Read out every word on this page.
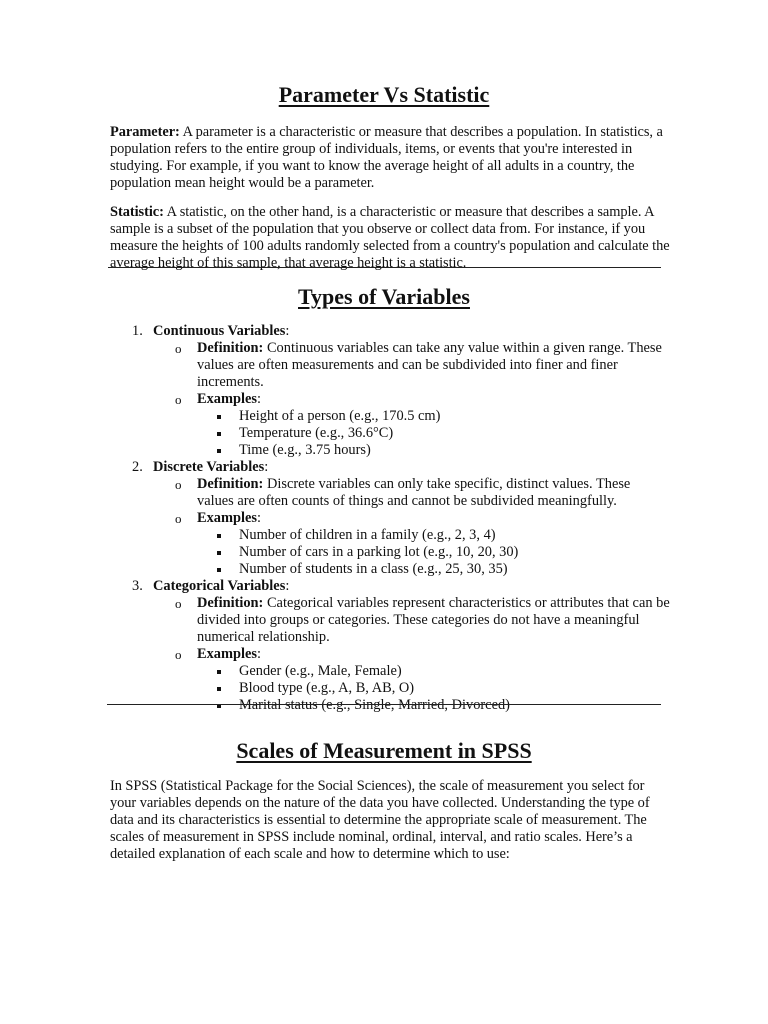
Parameter Vs Statistic

Parameter: A parameter is a characteristic or measure that describes a population. In statistics, a population refers to the entire group of individuals, items, or events that you're interested in studying. For example, if you want to know the average height of all adults in a country, the population mean height would be a parameter.

Statistic: A statistic, on the other hand, is a characteristic or measure that describes a sample. A sample is a subset of the population that you observe or collect data from. For instance, if you measure the heights of 100 adults randomly selected from a country's population and calculate the average height of this sample, that average height is a statistic.

Types of Variables
1. Continuous Variables:
o Definition: Continuous variables can take any value within a given range. These values are often measurements and can be subdivided into finer and finer increments.
o Examples:
Height of a person (e.g., 170.5 cm)
Temperature (e.g., 36.6°C)
Time (e.g., 3.75 hours)
2. Discrete Variables:
o Definition: Discrete variables can only take specific, distinct values. These values are often counts of things and cannot be subdivided meaningfully.
o Examples:
Number of children in a family (e.g., 2, 3, 4)
Number of cars in a parking lot (e.g., 10, 20, 30)
Number of students in a class (e.g., 25, 30, 35)
3. Categorical Variables:
o Definition: Categorical variables represent characteristics or attributes that can be divided into groups or categories. These categories do not have a meaningful numerical relationship.
o Examples:
Gender (e.g., Male, Female)
Blood type (e.g., A, B, AB, O)
Marital status (e.g., Single, Married, Divorced)
Scales of Measurement in SPSS

In SPSS (Statistical Package for the Social Sciences), the scale of measurement you select for your variables depends on the nature of the data you have collected. Understanding the type of data and its characteristics is essential to determine the appropriate scale of measurement. The scales of measurement in SPSS include nominal, ordinal, interval, and ratio scales. Here’s a detailed explanation of each scale and how to determine which to use:
